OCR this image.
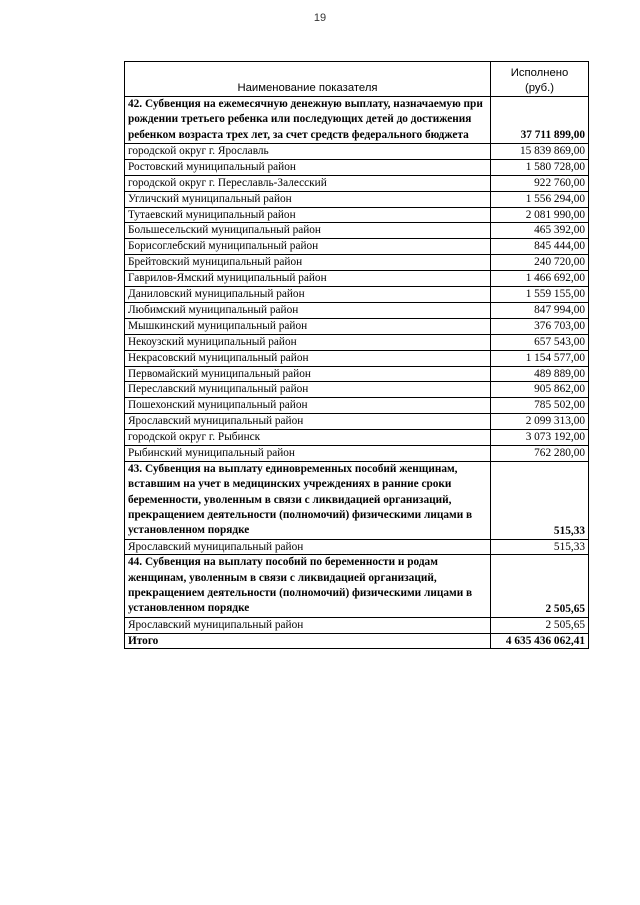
19
Наименование показателя	Исполнено
(руб.)

42. Субвенция на ежемесячную денежную выплату, назначаемую при рождении третьего ребенка или последующих детей до достижения ребенком возраста трех лет, за счет средств федерального бюджета	37 711 899,00
городской округ г. Ярославль	15 839 869,00
Ростовский муниципальный район	1 580 728,00
городской округ г. Переславль-Залесский	922 760,00
Угличский муниципальный район	1 556 294,00
Тутаевский муниципальный район	2 081 990,00
Большесельский муниципальный район	465 392,00
Борисоглебский муниципальный район	845 444,00
Брейтовский муниципальный район	240 720,00
Гаврилов-Ямский муниципальный район	1 466 692,00
Даниловский муниципальный район	1 559 155,00
Любимский муниципальный район	847 994,00
Мышкинский муниципальный район	376 703,00
Некоузский муниципальный район	657 543,00
Некрасовский муниципальный район	1 154 577,00
Первомайский муниципальный район	489 889,00
Переславский муниципальный район	905 862,00
Пошехонский муниципальный район	785 502,00
Ярославский муниципальный район	2 099 313,00
городской округ г. Рыбинск	3 073 192,00
Рыбинский муниципальный район	762 280,00
43. Субвенция на выплату единовременных пособий женщинам, вставшим на учет в медицинских учреждениях в ранние сроки беременности, уволенным в связи с ликвидацией организаций, прекращением деятельности (полномочий) физическими лицами в установленном порядке	515,33
Ярославский муниципальный район	515,33
44. Субвенция на выплату пособий по беременности и родам женщинам, уволенным в связи с ликвидацией организаций, прекращением деятельности (полномочий) физическими лицами в установленном порядке	2 505,65
Ярославский муниципальный район	2 505,65
Итого	4 635 436 062,41
